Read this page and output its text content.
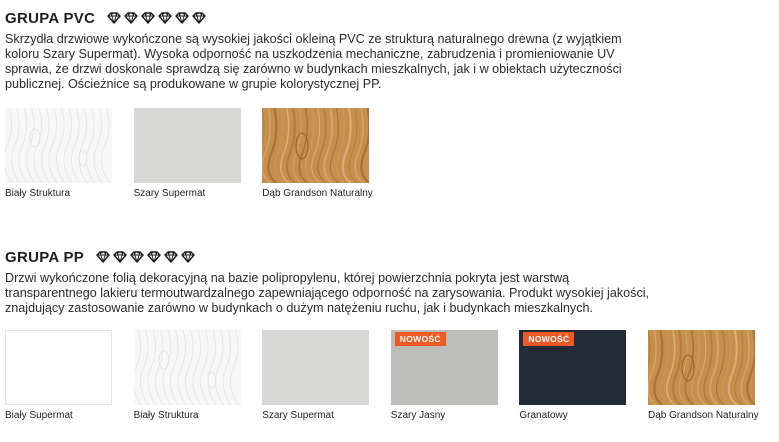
GRUPA PVC

Skrzydła drzwiowe wykończone są wysokiej jakości okleiną PVC ze strukturą naturalnego drewna (z wyjątkiem
koloru Szary Supermat). Wysoka odporność na uszkodzenia mechaniczne, zabrudzenia i promieniowanie UV
sprawia, że drzwi doskonale sprawdzą się zarówno w budynkach mieszkalnych, jak i w obiektach użyteczności
publicznej. Ościeżnice są produkowane w grupie kolorystycznej PP.

Biały Struktura	Szary Supermat	Dąb Grandson Naturalny
GRUPA PP

Drzwi wykończone folią dekoracyjną na bazie polipropylenu, której powierzchnia pokryta jest warstwą
transparentnego lakieru termoutwardzalnego zapewniającego odporność na zarysowania. Produkt wysokiej jakości,
znajdujący zastosowanie zarówno w budynkach o dużym natężeniu ruchu, jak i budynkach mieszkalnych.

Biały Supermat	Biały Struktura	Szary Supermat
NOWOŚĆ
Szary Jasny
NOWOŚĆ
Granatowy	Dąb Grandson Naturalny
